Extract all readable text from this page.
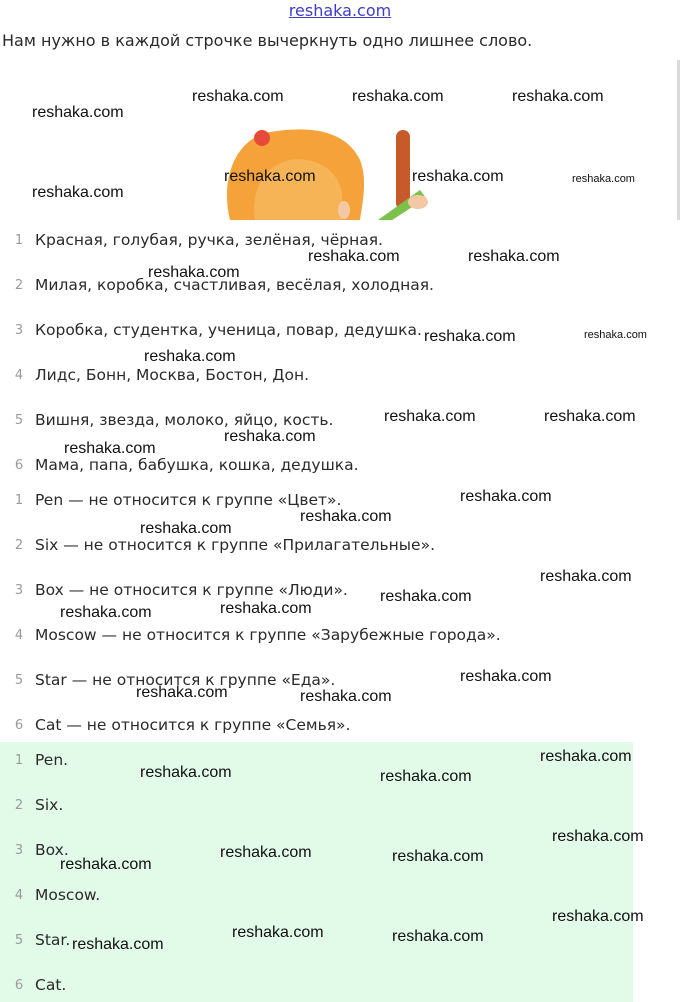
reshaka.com
Нам нужно в каждой строчке вычеркнуть одно лишнее слово.
1 Красная, голубая, ручка, зелёная, чёрная.
2 Милая, коробка, счастливая, весёлая, холодная.
3 Коробка, студентка, ученица, повар, дедушка.
4 Лидс, Бонн, Москва, Бостон, Дон.
5 Вишня, звезда, молоко, яйцо, кость.
6 Мама, папа, бабушка, кошка, дедушка.
1 Pen — не относится к группе «Цвет».
2 Six — не относится к группе «Прилагательные».
3 Box — не относится к группе «Люди».
4 Moscow — не относится к группе «Зарубежные города».
5 Star — не относится к группе «Еда».
6 Cat — не относится к группе «Семья».
1 Pen.
2 Six.
3 Box.
4 Moscow.
5 Star.
6 Cat.
reshaka.com	reshaka.com	reshaka.com
reshaka.com
reshaka.com
reshaka.com	reshaka.com	reshaka.com
reshaka.com	reshaka.com
reshaka.com
reshaka.com	reshaka.com
reshaka.com
reshaka.com	reshaka.com
reshaka.com
reshaka.com
reshaka.com
reshaka.com
reshaka.com
reshaka.com
reshaka.com
reshaka.com
reshaka.com
reshaka.com
reshaka.com	reshaka.com
reshaka.com
reshaka.com	reshaka.com
reshaka.com
reshaka.com	reshaka.com
reshaka.com
reshaka.com
reshaka.com	reshaka.com
reshaka.com
